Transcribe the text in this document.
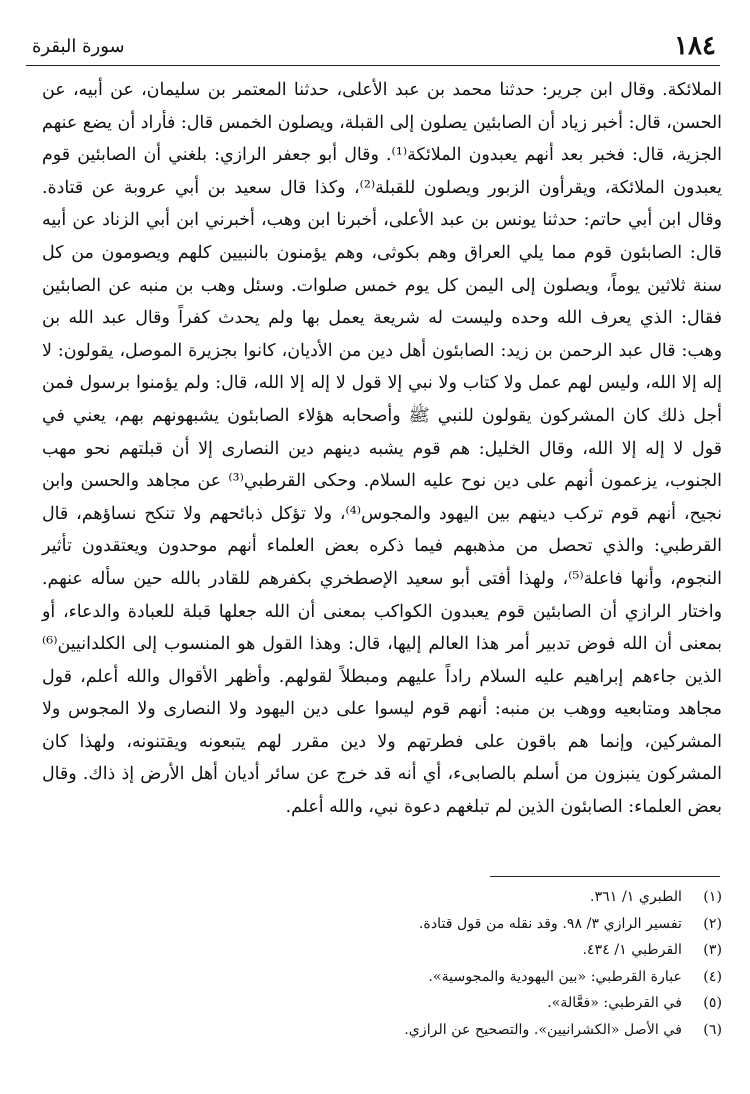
١٨٤
سورة البقرة

الملائكة. وقال ابن جرير: حدثنا محمد بن عبد الأعلى، حدثنا المعتمر بن سليمان، عن أبيه، عن الحسن، قال: أخبر زياد أن الصابئين يصلون إلى القبلة، ويصلون الخمس قال: فأراد أن يضع عنهم الجزية، قال: فخبر بعد أنهم يعبدون الملائكة⁽¹⁾. وقال أبو جعفر الرازي: بلغني أن الصابئين قوم يعبدون الملائكة، ويقرأون الزبور ويصلون للقبلة⁽²⁾، وكذا قال سعيد بن أبي عروبة عن قتادة. وقال ابن أبي حاتم: حدثنا يونس بن عبد الأعلى، أخبرنا ابن وهب، أخبرني ابن أبي الزناد عن أبيه قال: الصابئون قوم مما يلي العراق وهم بكوثى، وهم يؤمنون بالنبيين كلهم ويصومون من كل سنة ثلاثين يوماً، ويصلون إلى اليمن كل يوم خمس صلوات. وسئل وهب بن منبه عن الصابئين فقال: الذي يعرف الله وحده وليست له شريعة يعمل بها ولم يحدث كفراً وقال عبد الله بن وهب: قال عبد الرحمن بن زيد: الصابئون أهل دين من الأديان، كانوا بجزيرة الموصل، يقولون: لا إله إلا الله، وليس لهم عمل ولا كتاب ولا نبي إلا قول لا إله إلا الله، قال: ولم يؤمنوا برسول فمن أجل ذلك كان المشركون يقولون للنبي ﷺ وأصحابه هؤلاء الصابئون يشبهونهم بهم، يعني في قول لا إله إلا الله، وقال الخليل: هم قوم يشبه دينهم دين النصارى إلا أن قبلتهم نحو مهب الجنوب، يزعمون أنهم على دين نوح عليه السلام. وحكى القرطبي⁽³⁾ عن مجاهد والحسن وابن نجيح، أنهم قوم تركب دينهم بين اليهود والمجوس⁽⁴⁾، ولا تؤكل ذبائحهم ولا تنكح نساؤهم، قال القرطبي: والذي تحصل من مذهبهم فيما ذكره بعض العلماء أنهم موحدون ويعتقدون تأثير النجوم، وأنها فاعلة⁽⁵⁾، ولهذا أفتى أبو سعيد الإصطخري بكفرهم للقادر بالله حين سأله عنهم. واختار الرازي أن الصابئين قوم يعبدون الكواكب بمعنى أن الله جعلها قبلة للعبادة والدعاء، أو بمعنى أن الله فوض تدبير أمر هذا العالم إليها، قال: وهذا القول هو المنسوب إلى الكلدانيين⁽⁶⁾ الذين جاءهم إبراهيم عليه السلام راداً عليهم ومبطلاً لقولهم. وأظهر الأقوال والله أعلم، قول مجاهد ومتابعيه ووهب بن منبه: أنهم قوم ليسوا على دين اليهود ولا النصارى ولا المجوس ولا المشركين، وإنما هم باقون على فطرتهم ولا دين مقرر لهم يتبعونه ويقتنونه، ولهذا كان المشركون ينبزون من أسلم بالصابىء، أي أنه قد خرج عن سائر أديان أهل الأرض إذ ذاك. وقال بعض العلماء: الصابئون الذين لم تبلغهم دعوة نبي، والله أعلم.

(١)
الطبري ١/ ٣٦١.
(٢)
تفسير الرازي ٣/ ٩٨. وقد نقله من قول قتادة.
(٣)
القرطبي ١/ ٤٣٤.
(٤)
عبارة القرطبي: «بين اليهودية والمجوسية».
(٥)
في القرطبي: «فعَّالة».
(٦)
في الأصل «الكشرانيين». والتصحيح عن الرازي.
